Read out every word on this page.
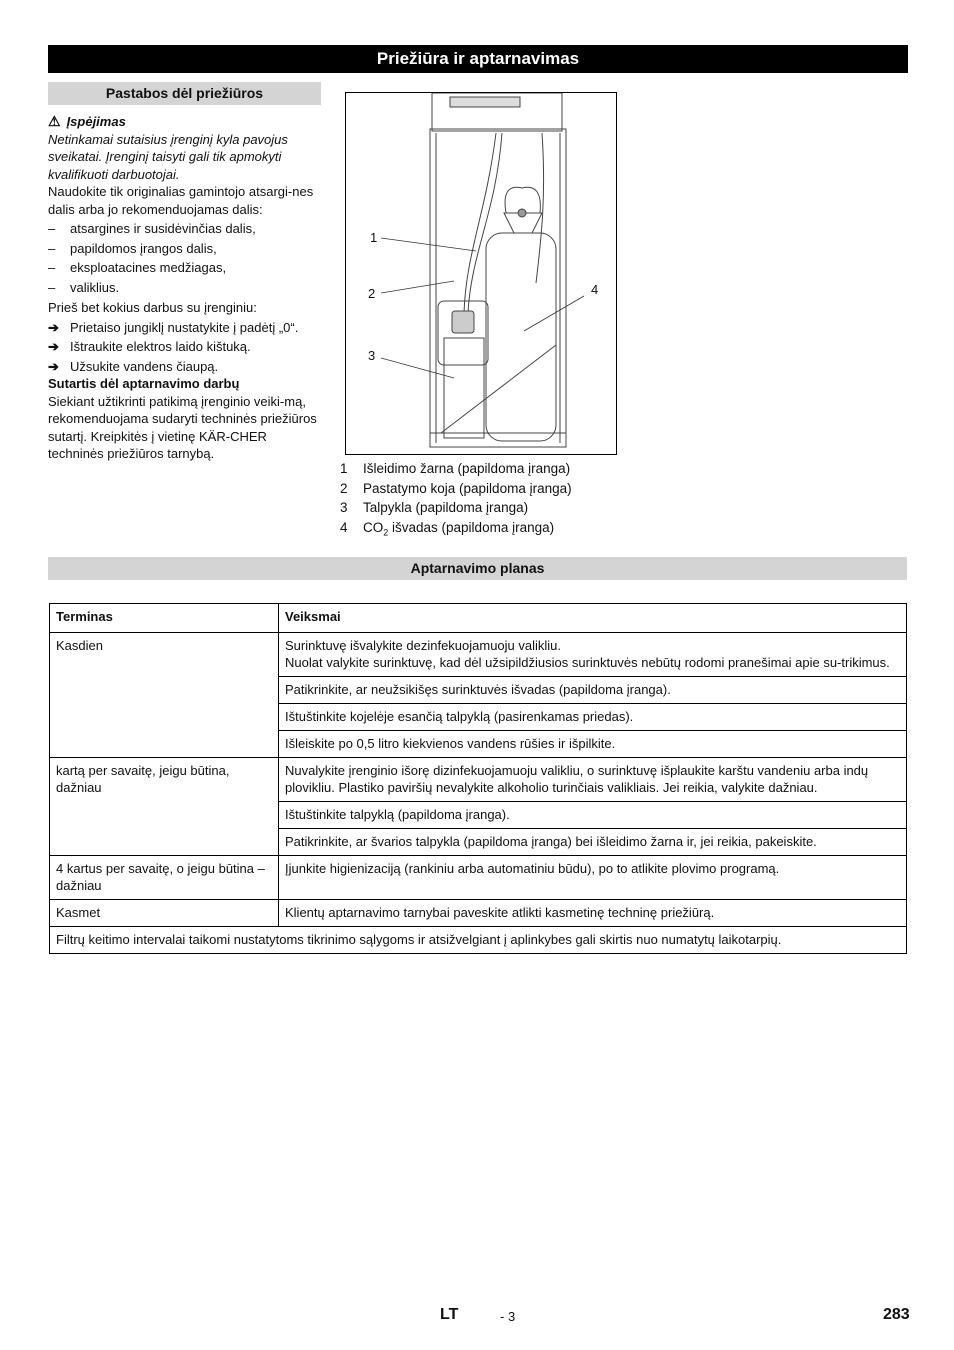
Priežiūra ir aptarnavimas
Pastabos dėl priežiūros

⚠ Įspėjimas

Netinkamai sutaisius įrenginį kyla pavojus sveikatai. Įrenginį taisyti gali tik apmokyti kvalifikuoti darbuotojai.

Naudokite tik originalias gamintojo atsargi-nes dalis arba jo rekomenduojamas dalis:

–	atsargines ir susidėvinčias dalis,
–	papildomos įrangos dalis,
–	eksploatacines medžiagas,
–	valiklius.

Prieš bet kokius darbus su įrenginiu:

➔ Prietaiso jungiklį nustatykite į padėtį „0“.
➔ Ištraukite elektros laido kištuką.
➔ Užsukite vandens čiaupą.

Sutartis dėl aptarnavimo darbų

Siekiant užtikrinti patikimą įrenginio veiki-mą, rekomenduojama sudaryti techninės priežiūros sutartį. Kreipkitės į vietinę KÄR-CHER techninės priežiūros tarnybą.

1
2
3
4
1	Išleidimo žarna (papildoma įranga)
2	Pastatymo koja (papildoma įranga)
3	Talpykla (papildoma įranga)
4	$CO_2$ išvadas (papildoma įranga)
Aptarnavimo planas
Terminas	Veiksmai
Kasdien	Surinktuvę išvalykite dezinfekuojamuoju valikliu.
Nuolat valykite surinktuvę, kad dėl užsipildžiusios surinktuvės nebūtų rodomi pranešimai apie su-trikimus.

	Patikrinkite, ar neužsikišęs surinktuvės išvadas (papildoma įranga).
	Ištuštinkite kojelėje esančią talpyklą (pasirenkamas priedas).
	Išleiskite po 0,5 litro kiekvienos vandens rūšies ir išpilkite.
kartą per savaitę, jeigu būtina, dažniau	Nuvalykite įrenginio išorę dizinfekuojamuoju valikliu, o surinktuvę išplaukite karštu vandeniu arba indų plovikliu. Plastiko paviršių nevalykite alkoholio turinčiais valikliais. Jei reikia, valykite dažniau.
	Ištuštinkite talpyklą (papildoma įranga).
	Patikrinkite, ar švarios talpykla (papildoma įranga) bei išleidimo žarna ir, jei reikia, pakeiskite.
4 kartus per savaitę, o jeigu būtina – dažniau	Įjunkite higienizaciją (rankiniu arba automatiniu būdu), po to atlikite plovimo programą.
Kasmet	Klientų aptarnavimo tarnybai paveskite atlikti kasmetinę techninę priežiūrą.
Filtrų keitimo intervalai taikomi nustatytoms tikrinimo sąlygoms ir atsižvelgiant į aplinkybes gali skirtis nuo numatytų laikotarpių.	
LT	- 3	283
